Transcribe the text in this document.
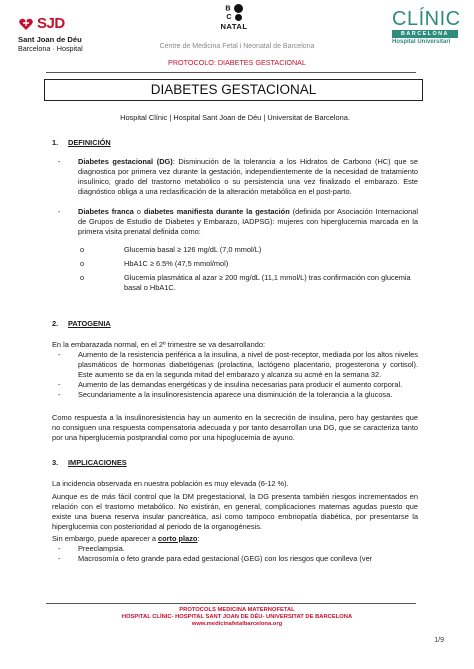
SJD
Sant Joan de Déu
Barcelona · Hospital
B
C
NATAL
Centre de Medicina Fetal i Neonatal de Barcelona
PROTOCOLO: DIABETES GESTACIONAL
CLÍNIC
BARCELONA
Hospital Universitari
DIABETES GESTACIONAL
Hospital Clínic | Hospital Sant Joan de Déu | Universitat de Barcelona.
1. DEFINICIÓN
-	Diabetes gestacional (DG): Disminución de la tolerancia a los Hidratos de Carbono (HC) que se diagnostica por primera vez durante la gestación, independientemente de la necesidad de tratamiento insulínico, grado del trastorno metabólico o su persistencia una vez finalizado el embarazo. Este diagnóstico obliga a una reclasificación de la alteración metabólica en el post-parto.
-	Diabetes franca o diabetes manifiesta durante la gestación (definida por Asociación Internacional de Grupos de Estudio de Diabetes y Embarazo, IADPSG): mujeres con hiperglucemia marcada en la primera visita prenatal definida como:
o	Glucemia basal ≥ 126 mg/dL (7,0 mmol/L)
o	HbA1C ≥ 6.5% (47,5 mmol/mol)
o	Glucemia plasmática al azar ≥ 200 mg/dL (11,1 mmol/L) tras confirmación con glucemia basal o HbA1C.
2. PATOGENIA
En la embarazada normal, en el 2º trimestre se va desarrollando:
-	Aumento de la resistencia periférica a la insulina, a nivel de post-receptor, mediada por los altos niveles plasmáticos de hormonas diabetógenas (prolactina, lactógeno placentario, progesterona y cortisol). Este aumento se da en la segunda mitad del embarazo y alcanza su acmé en la semana 32.
-	Aumento de las demandas energéticas y de insulina necesarias para producir el aumento corporal.
-	Secundariamente a la insulinoresistencia aparece una disminución de la tolerancia a la glucosa.
Como respuesta a la insulinoresistencia hay un aumento en la secreción de insulina, pero hay gestantes que no consiguen una respuesta compensatoria adecuada y por tanto desarrollan una DG, que se caracteriza tanto por una hiperglucemia postprandial como por una hipoglucemia de ayuno.
3. IMPLICACIONES
La incidencia observada en nuestra población es muy elevada (6-12 %).
Aunque es de más fácil control que la DM pregestacional, la DG presenta también riesgos incrementados en relación con el trastorno metabólico. No existirán, en general, complicaciones maternas agudas puesto que existe una buena reserva insular pancreática, así como tampoco embriopatía diabética, por presentarse la hiperglucemia con posterioridad al periodo de la organogénesis.
Sin embargo, puede aparecer a corto plazo:
-	Preeclampsia.
-	Macrosomía o feto grande para edad gestacional (GEG) con los riesgos que conlleva (ver
PROTOCOLS MEDICINA MATERNOFETAL
HOSPITAL CLÍNIC- HOSPITAL SANT JOAN DE DÉU- UNIVERSITAT DE BARCELONA
www.medicinafetalbarcelona.org
1/9
